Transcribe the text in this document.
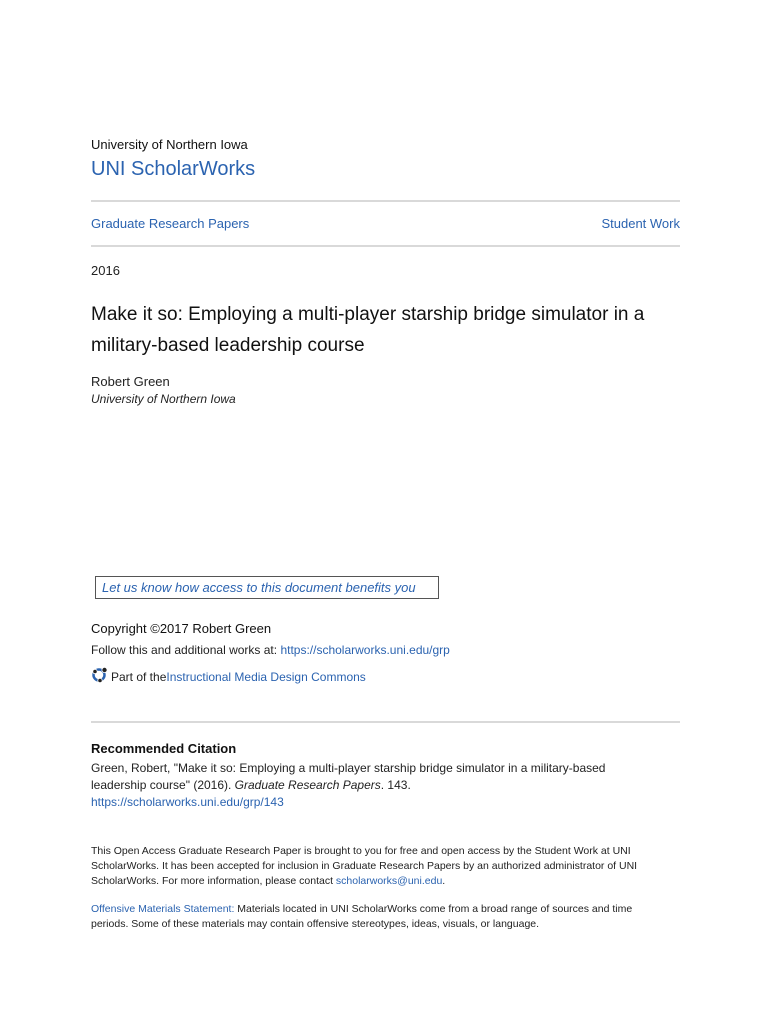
University of Northern Iowa
UNI ScholarWorks
Graduate Research Papers	Student Work
2016
Make it so: Employing a multi-player starship bridge simulator in a military-based leadership course
Robert Green
University of Northern Iowa
Let us know how access to this document benefits you
Copyright ©2017 Robert Green
Follow this and additional works at: https://scholarworks.uni.edu/grp
Part of the Instructional Media Design Commons
Recommended Citation
Green, Robert, "Make it so: Employing a multi-player starship bridge simulator in a military-based leadership course" (2016). Graduate Research Papers. 143.
https://scholarworks.uni.edu/grp/143
This Open Access Graduate Research Paper is brought to you for free and open access by the Student Work at UNI ScholarWorks. It has been accepted for inclusion in Graduate Research Papers by an authorized administrator of UNI ScholarWorks. For more information, please contact scholarworks@uni.edu.
Offensive Materials Statement: Materials located in UNI ScholarWorks come from a broad range of sources and time periods. Some of these materials may contain offensive stereotypes, ideas, visuals, or language.
